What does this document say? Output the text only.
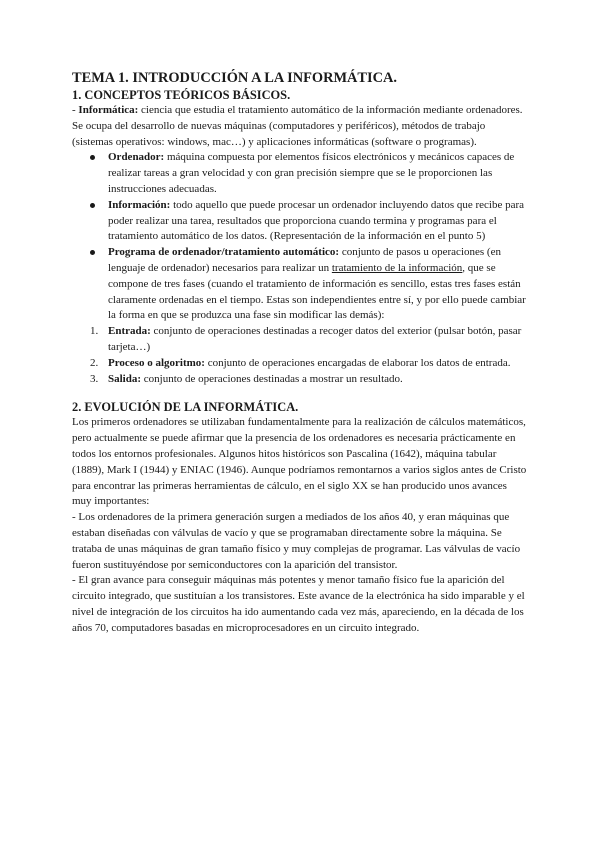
TEMA 1. INTRODUCCIÓN A LA INFORMÁTICA.
1. CONCEPTOS TEÓRICOS BÁSICOS.

- Informática: ciencia que estudia el tratamiento automático de la información mediante ordenadores. Se ocupa del desarrollo de nuevas máquinas (computadores y periféricos), métodos de trabajo (sistemas operativos: windows, mac…) y aplicaciones informáticas (software o programas).

Ordenador: máquina compuesta por elementos físicos electrónicos y mecánicos capaces de realizar tareas a gran velocidad y con gran precisión siempre que se le proporcionen las instrucciones adecuadas.
Información: todo aquello que puede procesar un ordenador incluyendo datos que recibe para poder realizar una tarea, resultados que proporciona cuando termina y programas para el tratamiento automático de los datos. (Representación de la información en el punto 5)
Programa de ordenador/tratamiento automático: conjunto de pasos u operaciones (en lenguaje de ordenador) necesarios para realizar un tratamiento de la información, que se compone de tres fases (cuando el tratamiento de información es sencillo, estas tres fases están claramente ordenadas en el tiempo. Estas son independientes entre sí, y por ello puede cambiar la forma en que se produzca una fase sin modificar las demás):
1. Entrada: conjunto de operaciones destinadas a recoger datos del exterior (pulsar botón, pasar tarjeta…)
2. Proceso o algoritmo: conjunto de operaciones encargadas de elaborar los datos de entrada.
3. Salida: conjunto de operaciones destinadas a mostrar un resultado.
2. EVOLUCIÓN DE LA INFORMÁTICA.

Los primeros ordenadores se utilizaban fundamentalmente para la realización de cálculos matemáticos, pero actualmente se puede afirmar que la presencia de los ordenadores es necesaria prácticamente en todos los entornos profesionales. Algunos hitos históricos son Pascalina (1642), máquina tabular (1889), Mark I (1944) y ENIAC (1946). Aunque podríamos remontarnos a varios siglos antes de Cristo para encontrar las primeras herramientas de cálculo, en el siglo XX se han producido unos avances muy importantes:

- Los ordenadores de la primera generación surgen a mediados de los años 40, y eran máquinas que estaban diseñadas con válvulas de vacío y que se programaban directamente sobre la máquina. Se trataba de unas máquinas de gran tamaño físico y muy complejas de programar. Las válvulas de vacío fueron sustituyéndose por semiconductores con la aparición del transistor.

- El gran avance para conseguir máquinas más potentes y menor tamaño físico fue la aparición del circuito integrado, que sustituían a los transistores. Este avance de la electrónica ha sido imparable y el nivel de integración de los circuitos ha ido aumentando cada vez más, apareciendo, en la década de los años 70, computadores basadas en microprocesadores en un circuito integrado.
